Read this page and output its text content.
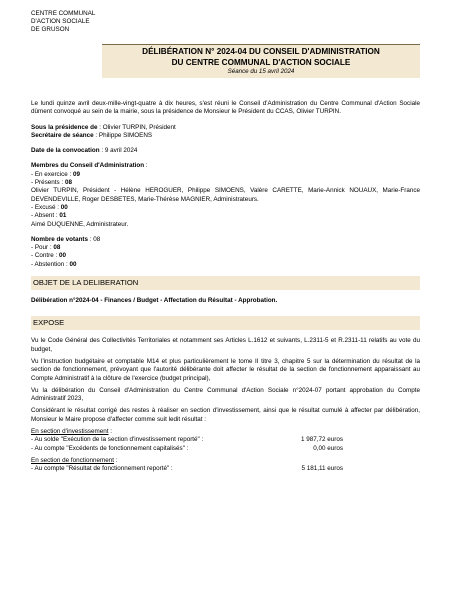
CENTRE COMMUNAL
D'ACTION SOCIALE
DE GRUSON
DÉLIBÉRATION N° 2024-04 DU CONSEIL D'ADMINISTRATION
DU CENTRE COMMUNAL D'ACTION SOCIALE
Séance du 15 avril 2024

Le lundi quinze avril deux-mille-vingt-quatre à dix heures, s'est réuni le Conseil d'Administration du Centre Communal d'Action Sociale dûment convoqué au sein de la mairie, sous la présidence de Monsieur le Président du CCAS, Olivier TURPIN.

Sous la présidence de : Olivier TURPIN, Président

Secrétaire de séance : Philippe SIMOENS

Date de la convocation : 9 avril 2024

Membres du Conseil d'Administration :

- En exercice : 09

- Présents : 08

Olivier TURPIN, Président - Hélène HEROGUER, Philippe SIMOENS, Valère CARETTE, Marie-Annick NOUAUX, Marie-France DEVENDEVILLE, Roger DESBETES, Marie-Thérèse MAGNIER, Administrateurs.

- Excusé : 00

- Absent : 01

Aimé DUQUENNE, Administrateur.

Nombre de votants : 08

- Pour : 08

- Contre : 00

- Abstention : 00

OBJET DE LA DELIBERATION

Délibération n°2024-04 - Finances / Budget - Affectation du Résultat - Approbation.

EXPOSE

Vu le Code Général des Collectivités Territoriales et notamment ses Articles L.1612 et suivants, L.2311-5 et R.2311-11 relatifs au vote du budget,

Vu l'instruction budgétaire et comptable M14 et plus particulièrement le tome II titre 3, chapitre 5 sur la détermination du résultat de la section de fonctionnement, prévoyant que l'autorité délibérante doit affecter le résultat de la section de fonctionnement apparaissant au Compte Administratif à la clôture de l'exercice (budget principal),

Vu la délibération du Conseil d'Administration du Centre Communal d'Action Sociale n°2024-07 portant approbation du Compte Administratif 2023,

Considérant le résultat corrigé des restes à réaliser en section d'investissement, ainsi que le résultat cumulé à affecter par délibération, Monsieur le Maire propose d'affecter comme suit ledit résultat :

En section d'investissement :

- Au solde "Exécution de la section d'investissement reporté" :	1 987,72 euros
- Au compte "Excédents de fonctionnement capitalisés" :	0,00 euros

En section de fonctionnement :

- Au compte "Résultat de fonctionnement reporté" :	5 181,11 euros
